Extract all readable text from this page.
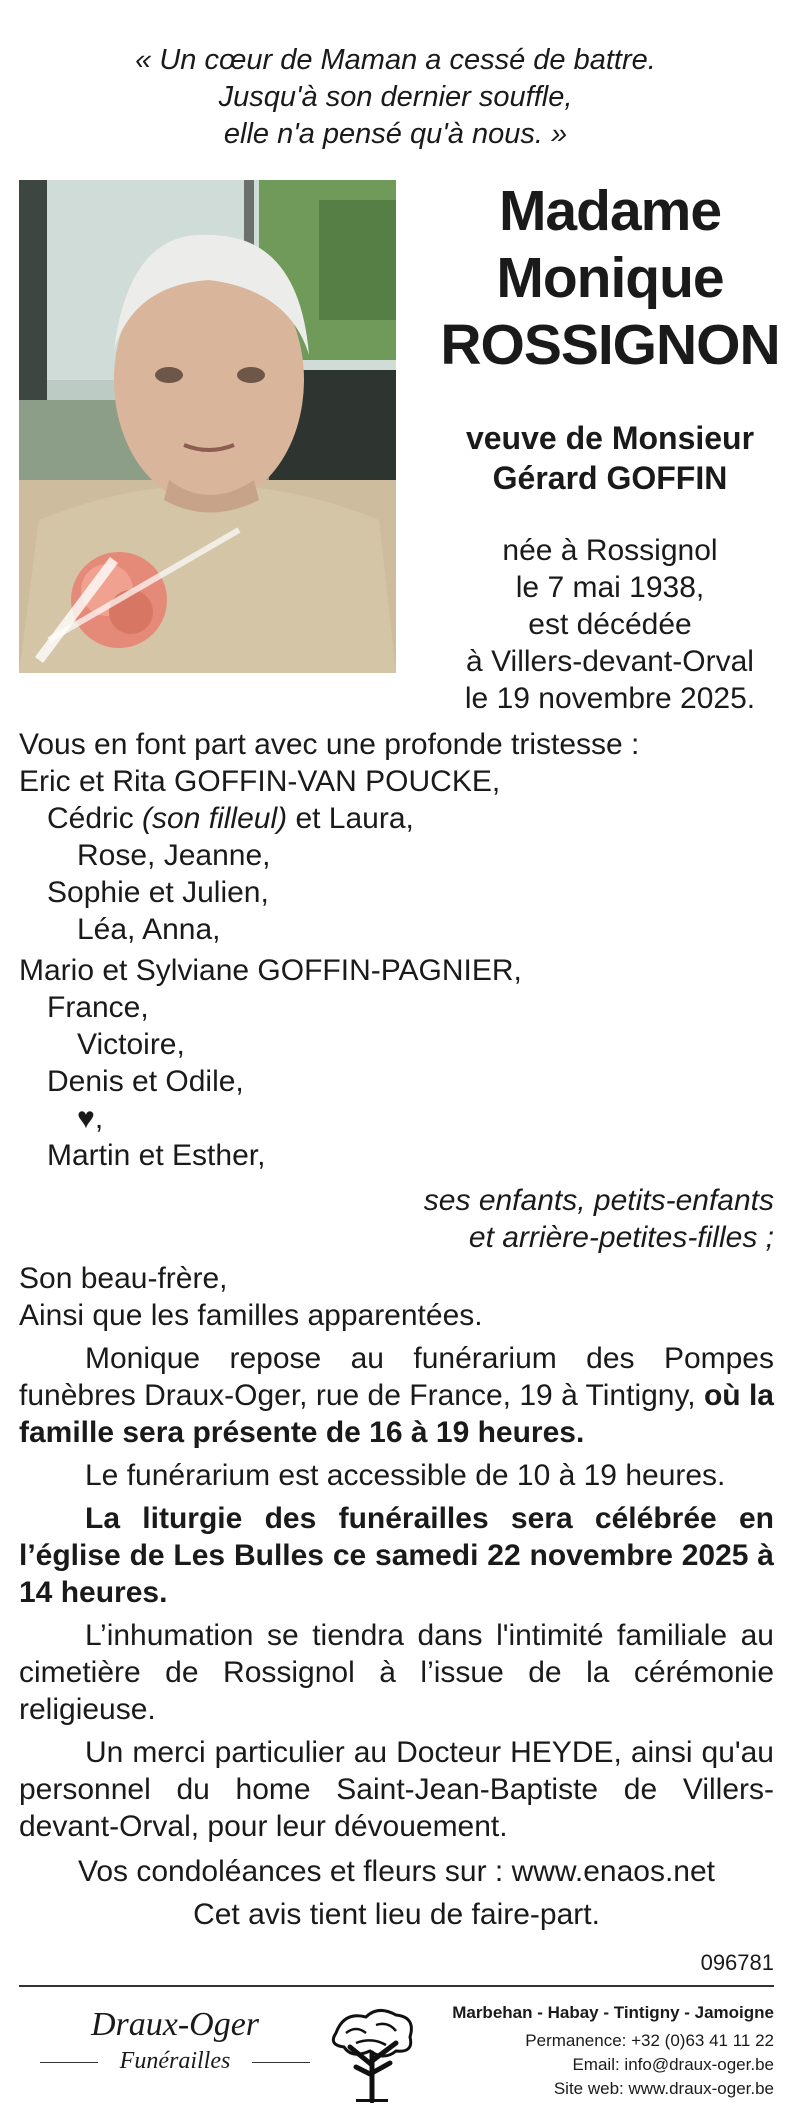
« Un cœur de Maman a cessé de battre.
Jusqu'à son dernier souffle,
elle n'a pensé qu'à nous. »
Madame
Monique
ROSSIGNON
veuve de Monsieur
Gérard GOFFIN
née à Rossignol
le 7 mai 1938,
est décédée
à Villers-devant-Orval
le 19 novembre 2025.
Vous en font part avec une profonde tristesse :
Eric et Rita GOFFIN-VAN POUCKE,
Cédric (son filleul) et Laura,
Rose, Jeanne,
Sophie et Julien,
Léa, Anna,
Mario et Sylviane GOFFIN-PAGNIER,
France,
Victoire,
Denis et Odile,
♥,
Martin et Esther,
ses enfants, petits-enfants
et arrière-petites-filles ;
Son beau-frère,
Ainsi que les familles apparentées.
Monique repose au funérarium des Pompes funèbres Draux-Oger, rue de France, 19 à Tintigny, où la famille sera présente de 16 à 19 heures.
Le funérarium est accessible de 10 à 19 heures.
La liturgie des funérailles sera célébrée en l’église de Les Bulles ce samedi 22 novembre 2025 à 14 heures.
L’inhumation se tiendra dans l'intimité familiale au cimetière de Rossignol à l’issue de la cérémonie religieuse.
Un merci particulier au Docteur HEYDE, ainsi qu'au personnel du home Saint-Jean-Baptiste de Villers-devant-Orval, pour leur dévouement.
Vos condoléances et fleurs sur : www.enaos.net
Cet avis tient lieu de faire-part.
096781
Draux-Oger
Funérailles
Marbehan - Habay - Tintigny - Jamoigne
Permanence: +32 (0)63 41 11 22
Email: info@draux-oger.be
Site web: www.draux-oger.be
